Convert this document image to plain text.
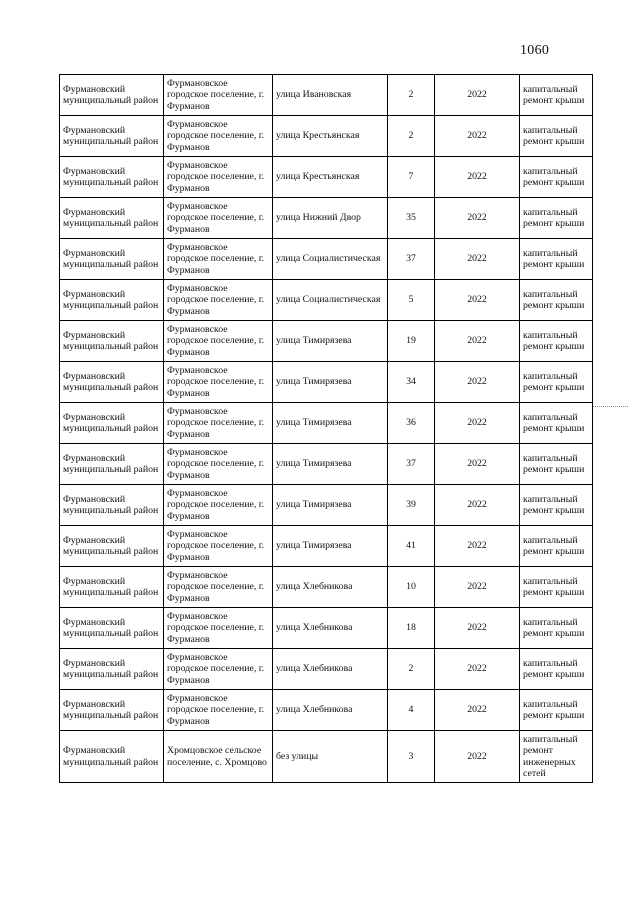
1060
Фурмановский муниципальный район	Фурмановское городское поселение, г. Фурманов	улица Ивановская	2	2022	капитальный ремонт крыши
Фурмановский муниципальный район	Фурмановское городское поселение, г. Фурманов	улица Крестьянская	2	2022	капитальный ремонт крыши
Фурмановский муниципальный район	Фурмановское городское поселение, г. Фурманов	улица Крестьянская	7	2022	капитальный ремонт крыши
Фурмановский муниципальный район	Фурмановское городское поселение, г. Фурманов	улица Нижний Двор	35	2022	капитальный ремонт крыши
Фурмановский муниципальный район	Фурмановское городское поселение, г. Фурманов	улица Социалистическая	37	2022	капитальный ремонт крыши
Фурмановский муниципальный район	Фурмановское городское поселение, г. Фурманов	улица Социалистическая	5	2022	капитальный ремонт крыши
Фурмановский муниципальный район	Фурмановское городское поселение, г. Фурманов	улица Тимирязева	19	2022	капитальный ремонт крыши
Фурмановский муниципальный район	Фурмановское городское поселение, г. Фурманов	улица Тимирязева	34	2022	капитальный ремонт крыши
Фурмановский муниципальный район	Фурмановское городское поселение, г. Фурманов	улица Тимирязева	36	2022	капитальный ремонт крыши
Фурмановский муниципальный район	Фурмановское городское поселение, г. Фурманов	улица Тимирязева	37	2022	капитальный ремонт крыши
Фурмановский муниципальный район	Фурмановское городское поселение, г. Фурманов	улица Тимирязева	39	2022	капитальный ремонт крыши
Фурмановский муниципальный район	Фурмановское городское поселение, г. Фурманов	улица Тимирязева	41	2022	капитальный ремонт крыши
Фурмановский муниципальный район	Фурмановское городское поселение, г. Фурманов	улица Хлебникова	10	2022	капитальный ремонт крыши
Фурмановский муниципальный район	Фурмановское городское поселение, г. Фурманов	улица Хлебникова	18	2022	капитальный ремонт крыши
Фурмановский муниципальный район	Фурмановское городское поселение, г. Фурманов	улица Хлебникова	2	2022	капитальный ремонт крыши
Фурмановский муниципальный район	Фурмановское городское поселение, г. Фурманов	улица Хлебникова	4	2022	капитальный ремонт крыши
Фурмановский муниципальный район	Хромцовское сельское поселение, с. Хромцово	без улицы	3	2022	капитальный ремонт инженерных сетей
